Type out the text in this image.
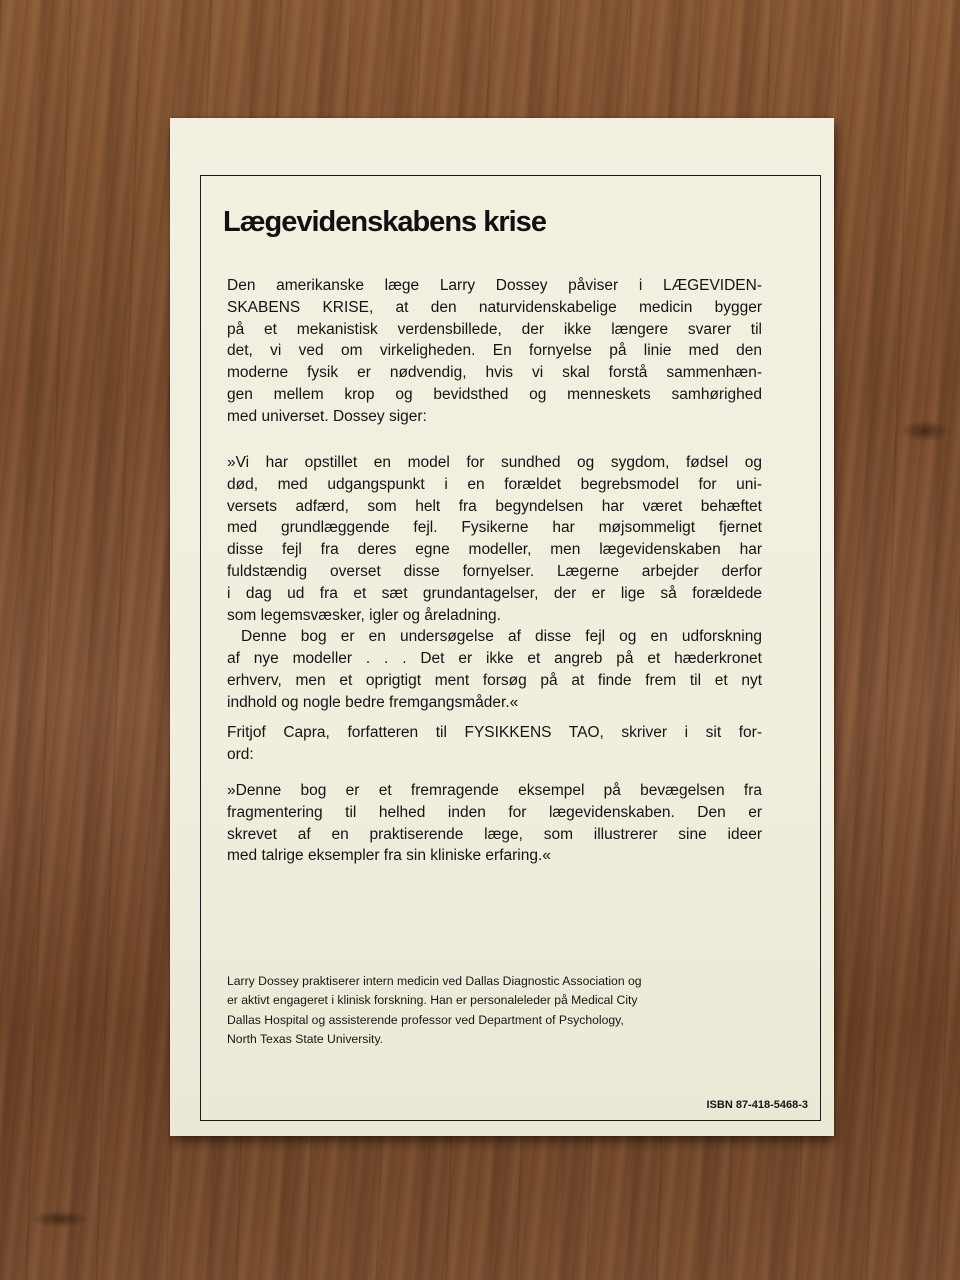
Lægevidenskabens krise
Den amerikanske læge Larry Dossey påviser i LÆGEVIDEN-
SKABENS KRISE, at den naturvidenskabelige medicin bygger
på et mekanistisk verdensbillede, der ikke længere svarer til
det, vi ved om virkeligheden. En fornyelse på linie med den
moderne fysik er nødvendig, hvis vi skal forstå sammenhæn-
gen mellem krop og bevidsthed og menneskets samhørighed
med universet. Dossey siger:
»Vi har opstillet en model for sundhed og sygdom, fødsel og
død, med udgangspunkt i en forældet begrebsmodel for uni-
versets adfærd, som helt fra begyndelsen har været behæftet
med grundlæggende fejl. Fysikerne har møjsommeligt fjernet
disse fejl fra deres egne modeller, men lægevidenskaben har
fuldstændig overset disse fornyelser. Lægerne arbejder derfor
i dag ud fra et sæt grundantagelser, der er lige så forældede
som legemsvæsker, igler og åreladning.
Denne bog er en undersøgelse af disse fejl og en udforskning
af nye modeller . . . Det er ikke et angreb på et hæderkronet
erhverv, men et oprigtigt ment forsøg på at finde frem til et nyt
indhold og nogle bedre fremgangsmåder.«
Fritjof Capra, forfatteren til FYSIKKENS TAO, skriver i sit for-
ord:
»Denne bog er et fremragende eksempel på bevægelsen fra
fragmentering til helhed inden for lægevidenskaben. Den er
skrevet af en praktiserende læge, som illustrerer sine ideer
med talrige eksempler fra sin kliniske erfaring.«
Larry Dossey praktiserer intern medicin ved Dallas Diagnostic Association og
er aktivt engageret i klinisk forskning. Han er personaleleder på Medical City
Dallas Hospital og assisterende professor ved Department of Psychology,
North Texas State University.
ISBN 87-418-5468-3
